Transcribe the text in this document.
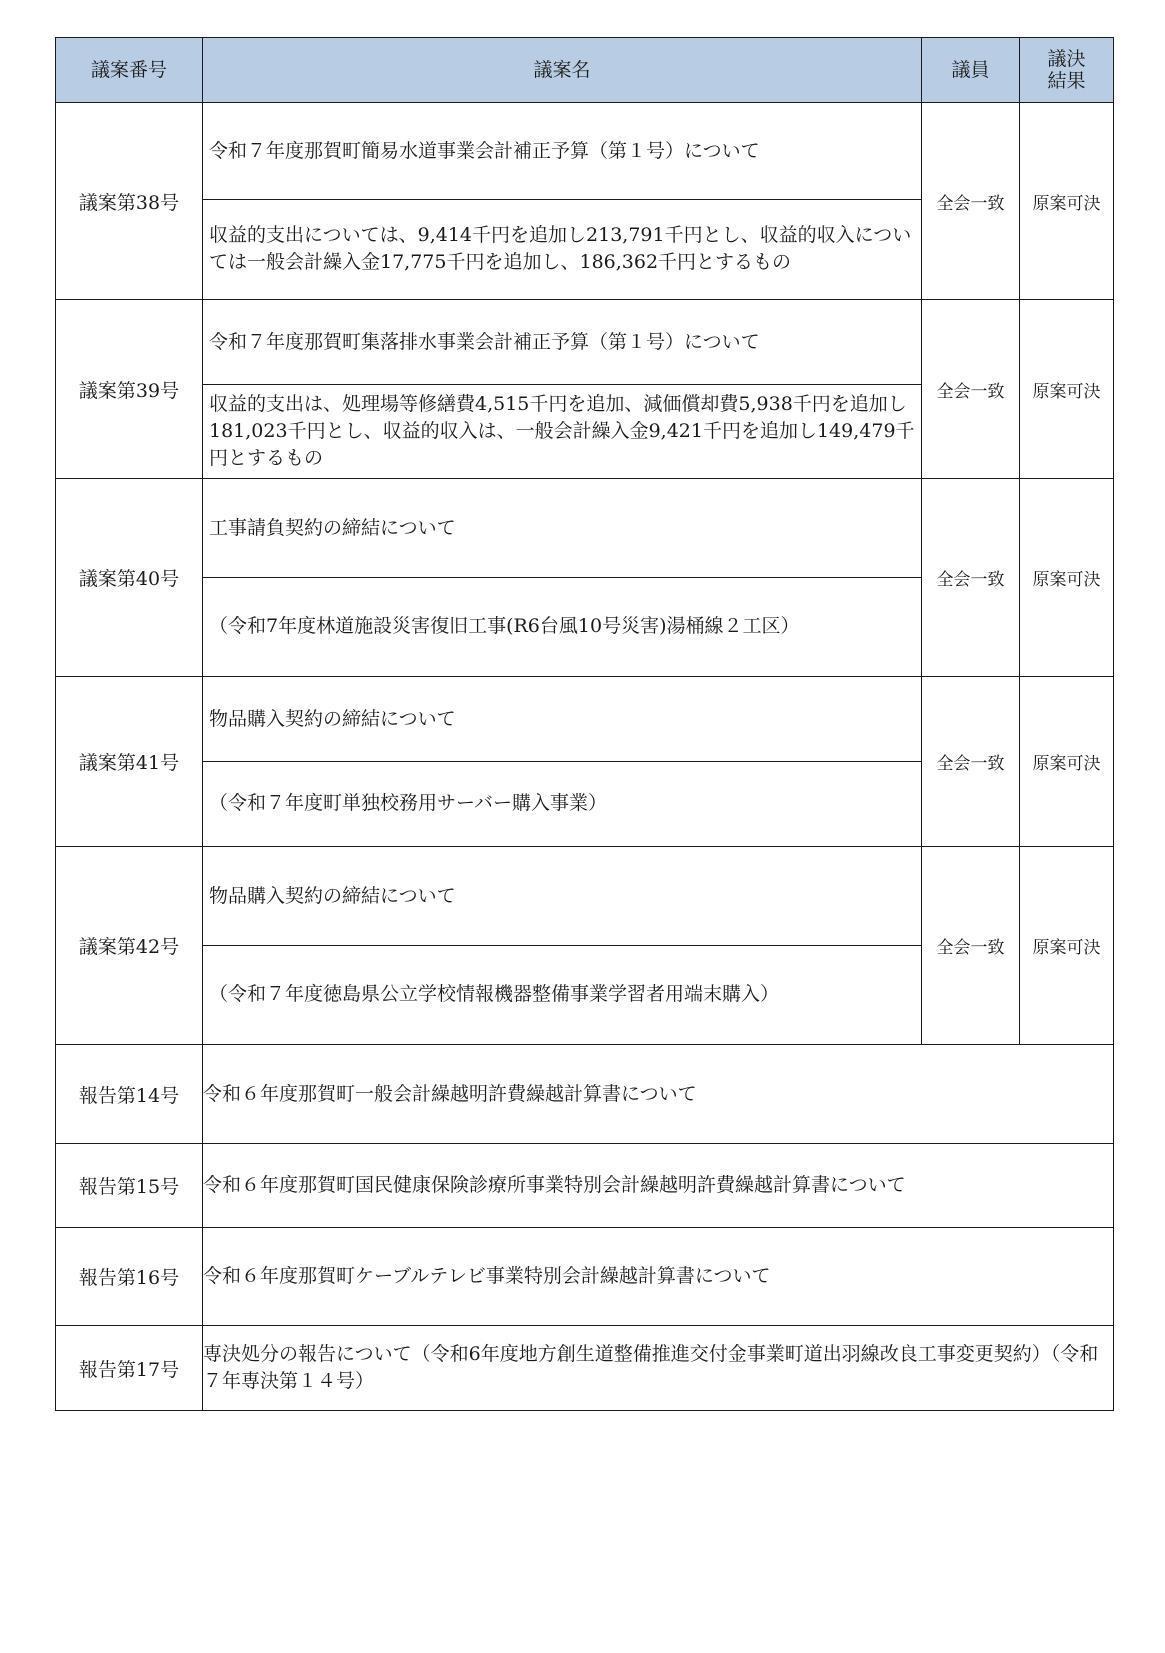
議案番号	議案名	議員	議決
結果
議案第38号	令和７年度那賀町簡易水道事業会計補正予算（第１号）について
収益的支出については、9,414千円を追加し213,791千円とし、収益的収入については一般会計繰入金17,775千円を追加し、186,362千円とするもの	全会一致	原案可決
議案第39号	令和７年度那賀町集落排水事業会計補正予算（第１号）について
収益的支出は、処理場等修繕費4,515千円を追加、減価償却費5,938千円を追加し181,023千円とし、収益的収入は、一般会計繰入金9,421千円を追加し149,479千円とするもの	全会一致	原案可決
議案第40号	工事請負契約の締結について
（令和7年度林道施設災害復旧工事(R6台風10号災害)湯桶線２工区）	全会一致	原案可決
議案第41号	物品購入契約の締結について
（令和７年度町単独校務用サーバー購入事業）	全会一致	原案可決
議案第42号	物品購入契約の締結について
（令和７年度徳島県公立学校情報機器整備事業学習者用端末購入）	全会一致	原案可決
報告第14号	令和６年度那賀町一般会計繰越明許費繰越計算書について		
報告第15号	令和６年度那賀町国民健康保険診療所事業特別会計繰越明許費繰越計算書について		
報告第16号	令和６年度那賀町ケーブルテレビ事業特別会計繰越計算書について		
報告第17号	専決処分の報告について（令和6年度地方創生道整備推進交付金事業町道出羽線改良工事変更契約）（令和７年専決第１４号）		
